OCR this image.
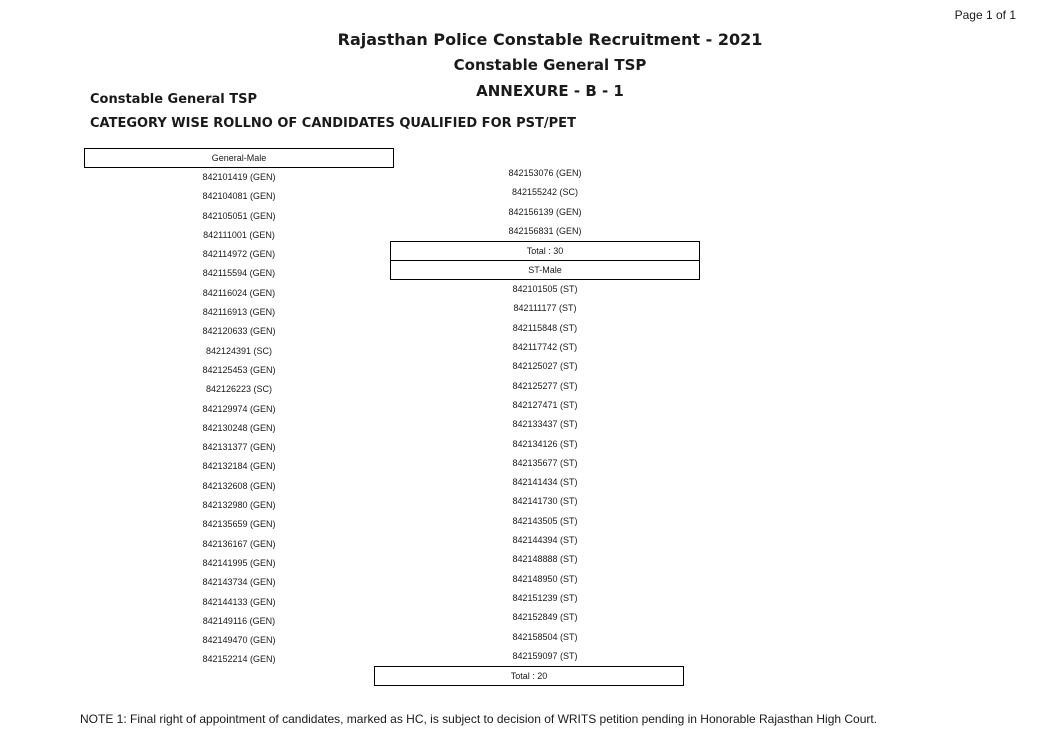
Page 1 of 1
Rajasthan Police Constable Recruitment - 2021
Constable General TSP
ANNEXURE - B - 1
Constable General TSP
CATEGORY WISE ROLLNO OF CANDIDATES QUALIFIED FOR PST/PET
General-Male
842101419 (GEN)
842104081 (GEN)
842105051 (GEN)
842111001 (GEN)
842114972 (GEN)
842115594 (GEN)
842116024 (GEN)
842116913 (GEN)
842120633 (GEN)
842124391 (SC)
842125453 (GEN)
842126223 (SC)
842129974 (GEN)
842130248 (GEN)
842131377 (GEN)
842132184 (GEN)
842132608 (GEN)
842132980 (GEN)
842135659 (GEN)
842136167 (GEN)
842141995 (GEN)
842143734 (GEN)
842144133 (GEN)
842149116 (GEN)
842149470 (GEN)
842152214 (GEN)
842153076 (GEN)
842155242 (SC)
842156139 (GEN)
842156831 (GEN)
Total : 30
ST-Male
842101505 (ST)
842111177 (ST)
842115848 (ST)
842117742 (ST)
842125027 (ST)
842125277 (ST)
842127471 (ST)
842133437 (ST)
842134126 (ST)
842135677 (ST)
842141434 (ST)
842141730 (ST)
842143505 (ST)
842144394 (ST)
842148888 (ST)
842148950 (ST)
842151239 (ST)
842152849 (ST)
842158504 (ST)
842159097 (ST)
Total : 20
NOTE 1: Final right of appointment of candidates, marked as HC, is subject to decision of WRITS petition pending in Honorable Rajasthan High Court.
